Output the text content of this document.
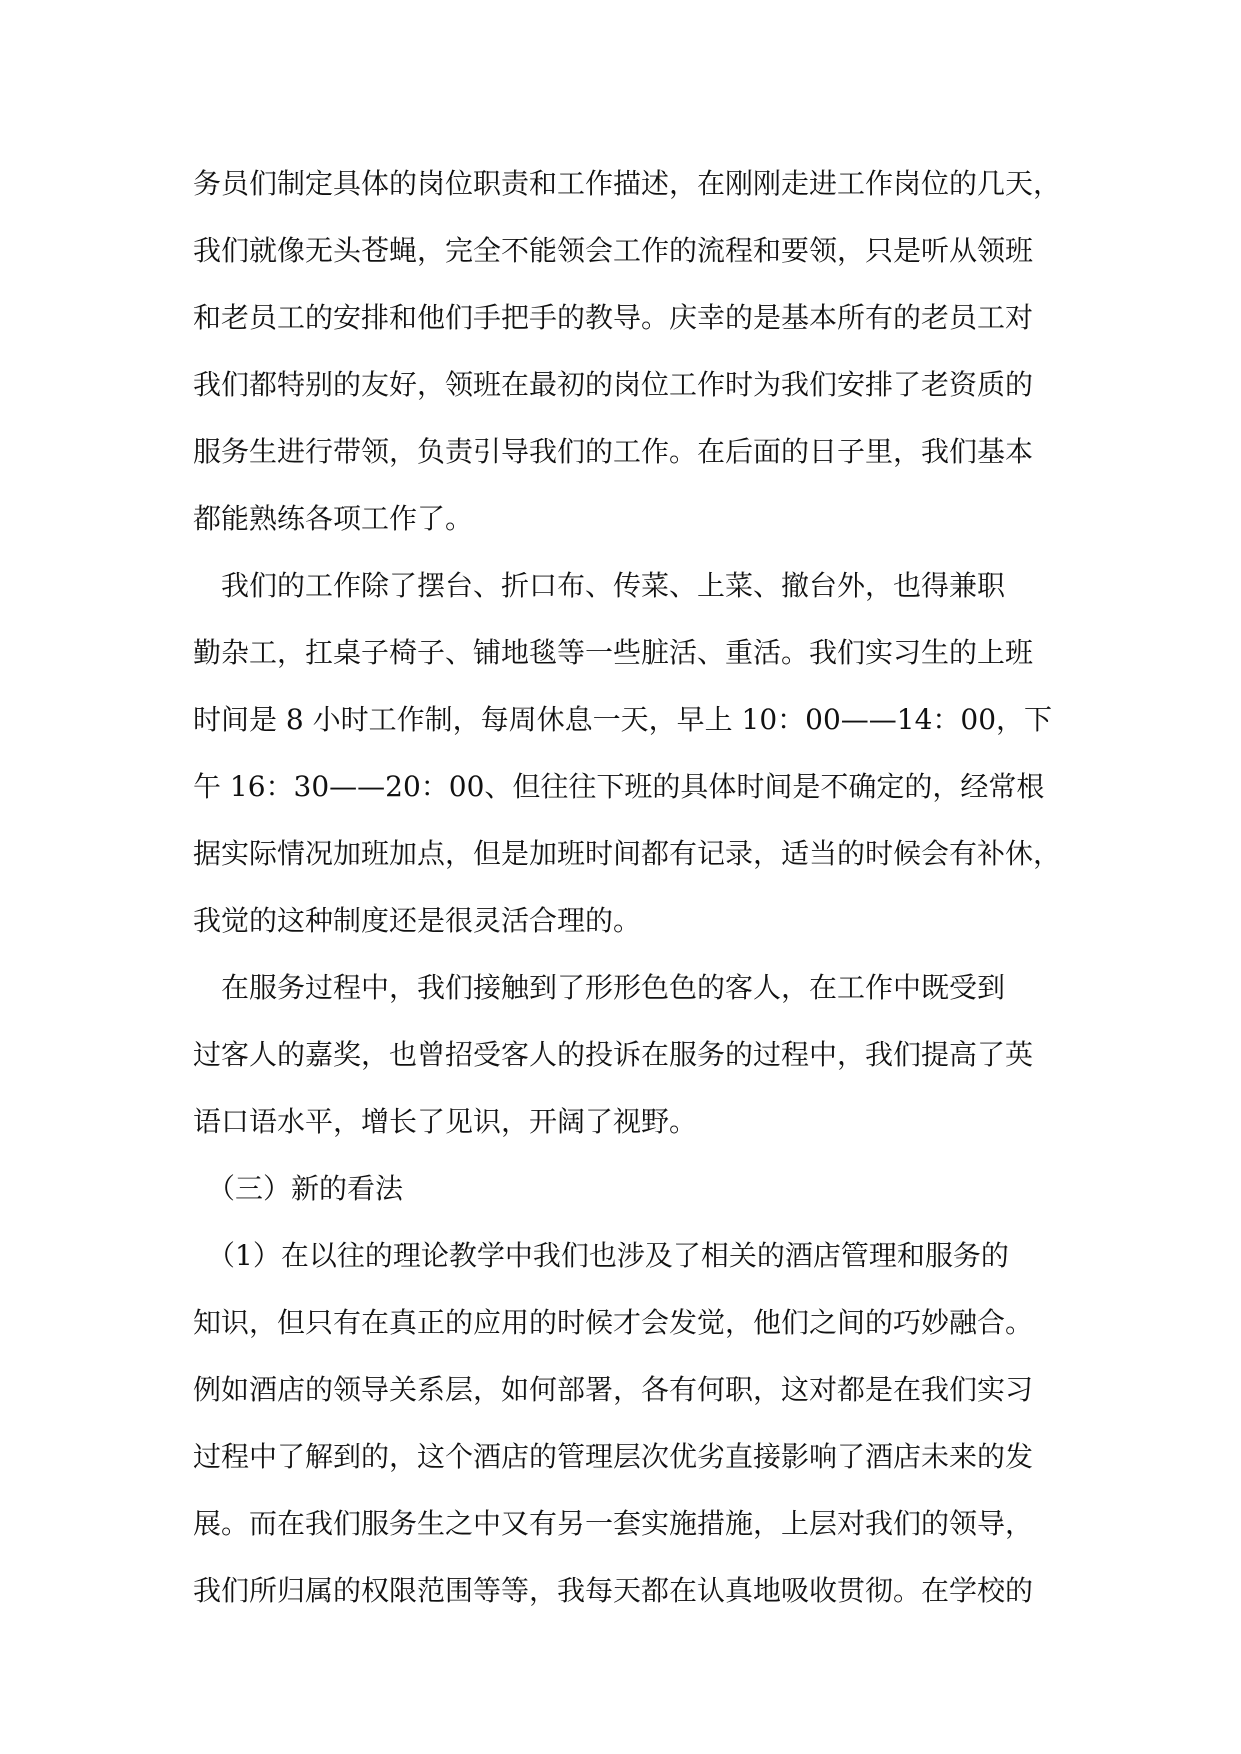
务员们制定具体的岗位职责和工作描述，在刚刚走进工作岗位的几天，
我们就像无头苍蝇，完全不能领会工作的流程和要领，只是听从领班
和老员工的安排和他们手把手的教导。庆幸的是基本所有的老员工对
我们都特别的友好，领班在最初的岗位工作时为我们安排了老资质的
服务生进行带领，负责引导我们的工作。在后面的日子里，我们基本
都能熟练各项工作了。
　我们的工作除了摆台、折口布、传菜、上菜、撤台外，也得兼职
勤杂工，扛桌子椅子、铺地毯等一些脏活、重活。我们实习生的上班
时间是 8 小时工作制，每周休息一天，早上 10：00——14：00，下
午 16：30——20：00、但往往下班的具体时间是不确定的，经常根
据实际情况加班加点，但是加班时间都有记录，适当的时候会有补休，
我觉的这种制度还是很灵活合理的。
　在服务过程中，我们接触到了形形色色的客人，在工作中既受到
过客人的嘉奖，也曾招受客人的投诉在服务的过程中，我们提高了英
语口语水平，增长了见识，开阔了视野。
　（三）新的看法
　（1）在以往的理论教学中我们也涉及了相关的酒店管理和服务的
知识，但只有在真正的应用的时候才会发觉，他们之间的巧妙融合。
例如酒店的领导关系层，如何部署，各有何职，这对都是在我们实习
过程中了解到的，这个酒店的管理层次优劣直接影响了酒店未来的发
展。而在我们服务生之中又有另一套实施措施，上层对我们的领导，
我们所归属的权限范围等等，我每天都在认真地吸收贯彻。在学校的
